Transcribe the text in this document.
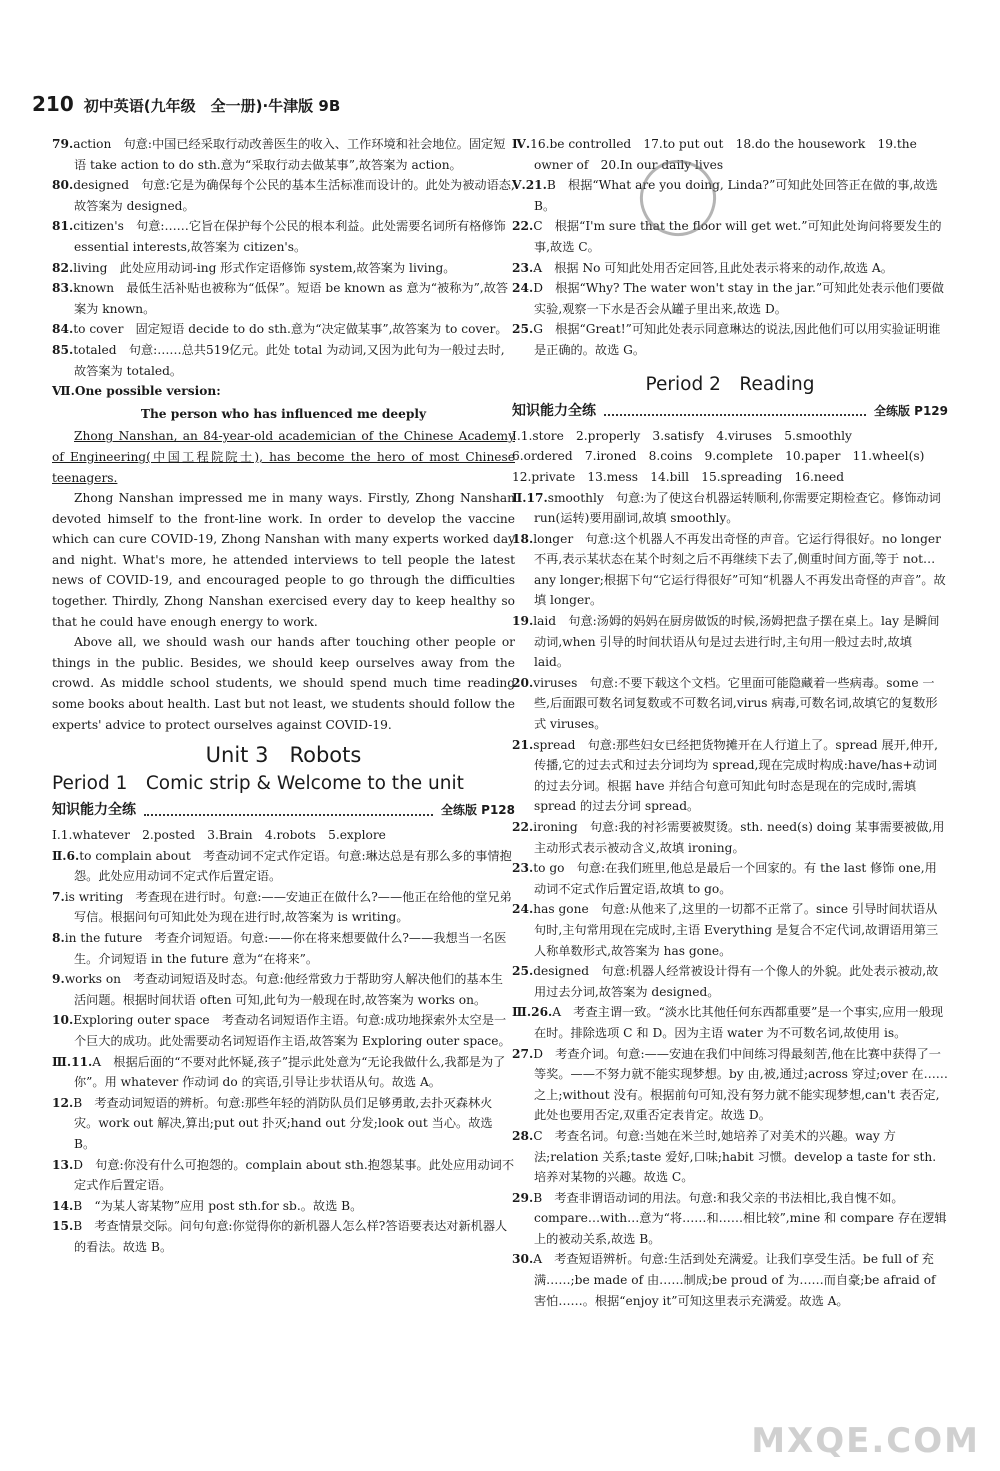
210 初中英语(九年级　全一册)·牛津版 9B

79.action　句意:中国已经采取行动改善医生的收入、工作环境和社会地位。固定短语 take action to do sth.意为“采取行动去做某事”,故答案为 action。

80.designed　句意:它是为确保每个公民的基本生活标准而设计的。此处为被动语态,故答案为 designed。

81.citizen's　句意:……它旨在保护每个公民的根本利益。此处需要名词所有格修饰 essential interests,故答案为 citizen's。

82.living　此处应用动词-ing 形式作定语修饰 system,故答案为 living。

83.known　最低生活补贴也被称为“低保”。短语 be known as 意为“被称为”,故答案为 known。

84.to cover　固定短语 decide to do sth.意为“决定做某事”,故答案为 to cover。

85.totaled　句意:……总共519亿元。此处 total 为动词,又因为此句为一般过去时,故答案为 totaled。

Ⅶ.One possible version:

The person who has influenced me deeply

Zhong Nanshan, an 84-year-old academician of the Chinese Academy of Engineering(中国工程院院士), has become the hero of most Chinese teenagers.

Zhong Nanshan impressed me in many ways. Firstly, Zhong Nanshan devoted himself to the front-line work. In order to develop the vaccine which can cure COVID-19, Zhong Nanshan with many experts worked day and night. What's more, he attended interviews to tell people the latest news of COVID-19, and encouraged people to go through the difficulties together. Thirdly, Zhong Nanshan exercised every day to keep healthy so that he could have enough energy to work.

Above all, we should wash our hands after touching other people or things in the public. Besides, we should keep ourselves away from the crowd. As middle school students, we should spend much time reading some books about health. Last but not least, we students should follow the experts' advice to protect ourselves against COVID-19.

Unit 3　Robots
Period 1　Comic strip & Welcome to the unit
知识能力全练	全练版 P128

Ⅰ.1.whatever　2.posted　3.Brain　4.robots　5.explore

Ⅱ.6.to complain about　考查动词不定式作定语。句意:琳达总是有那么多的事情抱怨。此处应用动词不定式作后置定语。

7.is writing　考查现在进行时。句意:——安迪正在做什么?——他正在给他的堂兄弟写信。根据问句可知此处为现在进行时,故答案为 is writing。

8.in the future　考查介词短语。句意:——你在将来想要做什么?——我想当一名医生。介词短语 in the future 意为“在将来”。

9.works on　考查动词短语及时态。句意:他经常致力于帮助穷人解决他们的基本生活问题。根据时间状语 often 可知,此句为一般现在时,故答案为 works on。

10.Exploring outer space　考查动名词短语作主语。句意:成功地探索外太空是一个巨大的成功。此处需要动名词短语作主语,故答案为 Exploring outer space。

Ⅲ.11.A　根据后面的“不要对此怀疑,孩子”提示此处意为“无论我做什么,我都是为了你”。用 whatever 作动词 do 的宾语,引导让步状语从句。故选 A。

12.B　考查动词短语的辨析。句意:那些年轻的消防队员们足够勇敢,去扑灭森林火灾。work out 解决,算出;put out 扑灭;hand out 分发;look out 当心。故选 B。

13.D　句意:你没有什么可抱怨的。complain about sth.抱怨某事。此处应用动词不定式作后置定语。

14.B　“为某人寄某物”应用 post sth.for sb.。故选 B。

15.B　考查情景交际。问句句意:你觉得你的新机器人怎么样?答语要表达对新机器人的看法。故选 B。

Ⅳ.16.be controlled　17.to put out　18.do the housework　19.the owner of　20.In our daily lives

Ⅴ.21.B　根据“What are you doing, Linda?”可知此处回答正在做的事,故选 B。

22.C　根据“I'm sure that the floor will get wet.”可知此处询问将要发生的事,故选 C。

23.A　根据 No 可知此处用否定回答,且此处表示将来的动作,故选 A。

24.D　根据“Why? The water won't stay in the jar.”可知此处表示他们要做实验,观察一下水是否会从罐子里出来,故选 D。

25.G　根据“Great!”可知此处表示同意琳达的说法,因此他们可以用实验证明谁是正确的。故选 G。

Period 2　Reading
知识能力全练	全练版 P129

Ⅰ.1.store　2.properly　3.satisfy　4.viruses　5.smoothly

6.ordered　7.ironed　8.coins　9.complete　10.paper　11.wheel(s)

12.private　13.mess　14.bill　15.spreading　16.need

Ⅱ.17.smoothly　句意:为了使这台机器运转顺利,你需要定期检查它。修饰动词 run(运转)要用副词,故填 smoothly。

18.longer　句意:这个机器人不再发出奇怪的声音。它运行得很好。no longer 不再,表示某状态在某个时刻之后不再继续下去了,侧重时间方面,等于 not…any longer;根据下句“它运行得很好”可知“机器人不再发出奇怪的声音”。故填 longer。

19.laid　句意:汤姆的妈妈在厨房做饭的时候,汤姆把盘子摆在桌上。lay 是瞬间动词,when 引导的时间状语从句是过去进行时,主句用一般过去时,故填 laid。

20.viruses　句意:不要下载这个文档。它里面可能隐藏着一些病毒。some 一些,后面跟可数名词复数或不可数名词,virus 病毒,可数名词,故填它的复数形式 viruses。

21.spread　句意:那些妇女已经把货物摊开在人行道上了。spread 展开,伸开,传播,它的过去式和过去分词均为 spread,现在完成时构成:have/has+动词的过去分词。根据 have 并结合句意可知此句时态是现在的完成时,需填 spread 的过去分词 spread。

22.ironing　句意:我的衬衫需要被熨烫。sth. need(s) doing 某事需要被做,用主动形式表示被动含义,故填 ironing。

23.to go　句意:在我们班里,他总是最后一个回家的。有 the last 修饰 one,用动词不定式作后置定语,故填 to go。

24.has gone　句意:从他来了,这里的一切都不正常了。since 引导时间状语从句时,主句常用现在完成时,主语 Everything 是复合不定代词,故谓语用第三人称单数形式,故答案为 has gone。

25.designed　句意:机器人经常被设计得有一个像人的外貌。此处表示被动,故用过去分词,故答案为 designed。

Ⅲ.26.A　考查主谓一致。“淡水比其他任何东西都重要”是一个事实,应用一般现在时。排除选项 C 和 D。因为主语 water 为不可数名词,故使用 is。

27.D　考查介词。句意:——安迪在我们中间练习得最刻苦,他在比赛中获得了一等奖。——不努力就不能实现梦想。by 由,被,通过;across 穿过;over 在……之上;without 没有。根据前句可知,没有努力就不能实现梦想,can't 表否定,此处也要用否定,双重否定表肯定。故选 D。

28.C　考查名词。句意:当她在米兰时,她培养了对美术的兴趣。way 方法;relation 关系;taste 爱好,口味;habit 习惯。develop a taste for sth.培养对某物的兴趣。故选 C。

29.B　考查非谓语动词的用法。句意:和我父亲的书法相比,我自愧不如。compare…with…意为“将……和……相比较”,mine 和 compare 存在逻辑上的被动关系,故选 B。

30.A　考查短语辨析。句意:生活到处充满爱。让我们享受生活。be full of 充满……;be made of 由……制成;be proud of 为……而自豪;be afraid of 害怕……。根据“enjoy it”可知这里表示充满爱。故选 A。

MXQE.COM
